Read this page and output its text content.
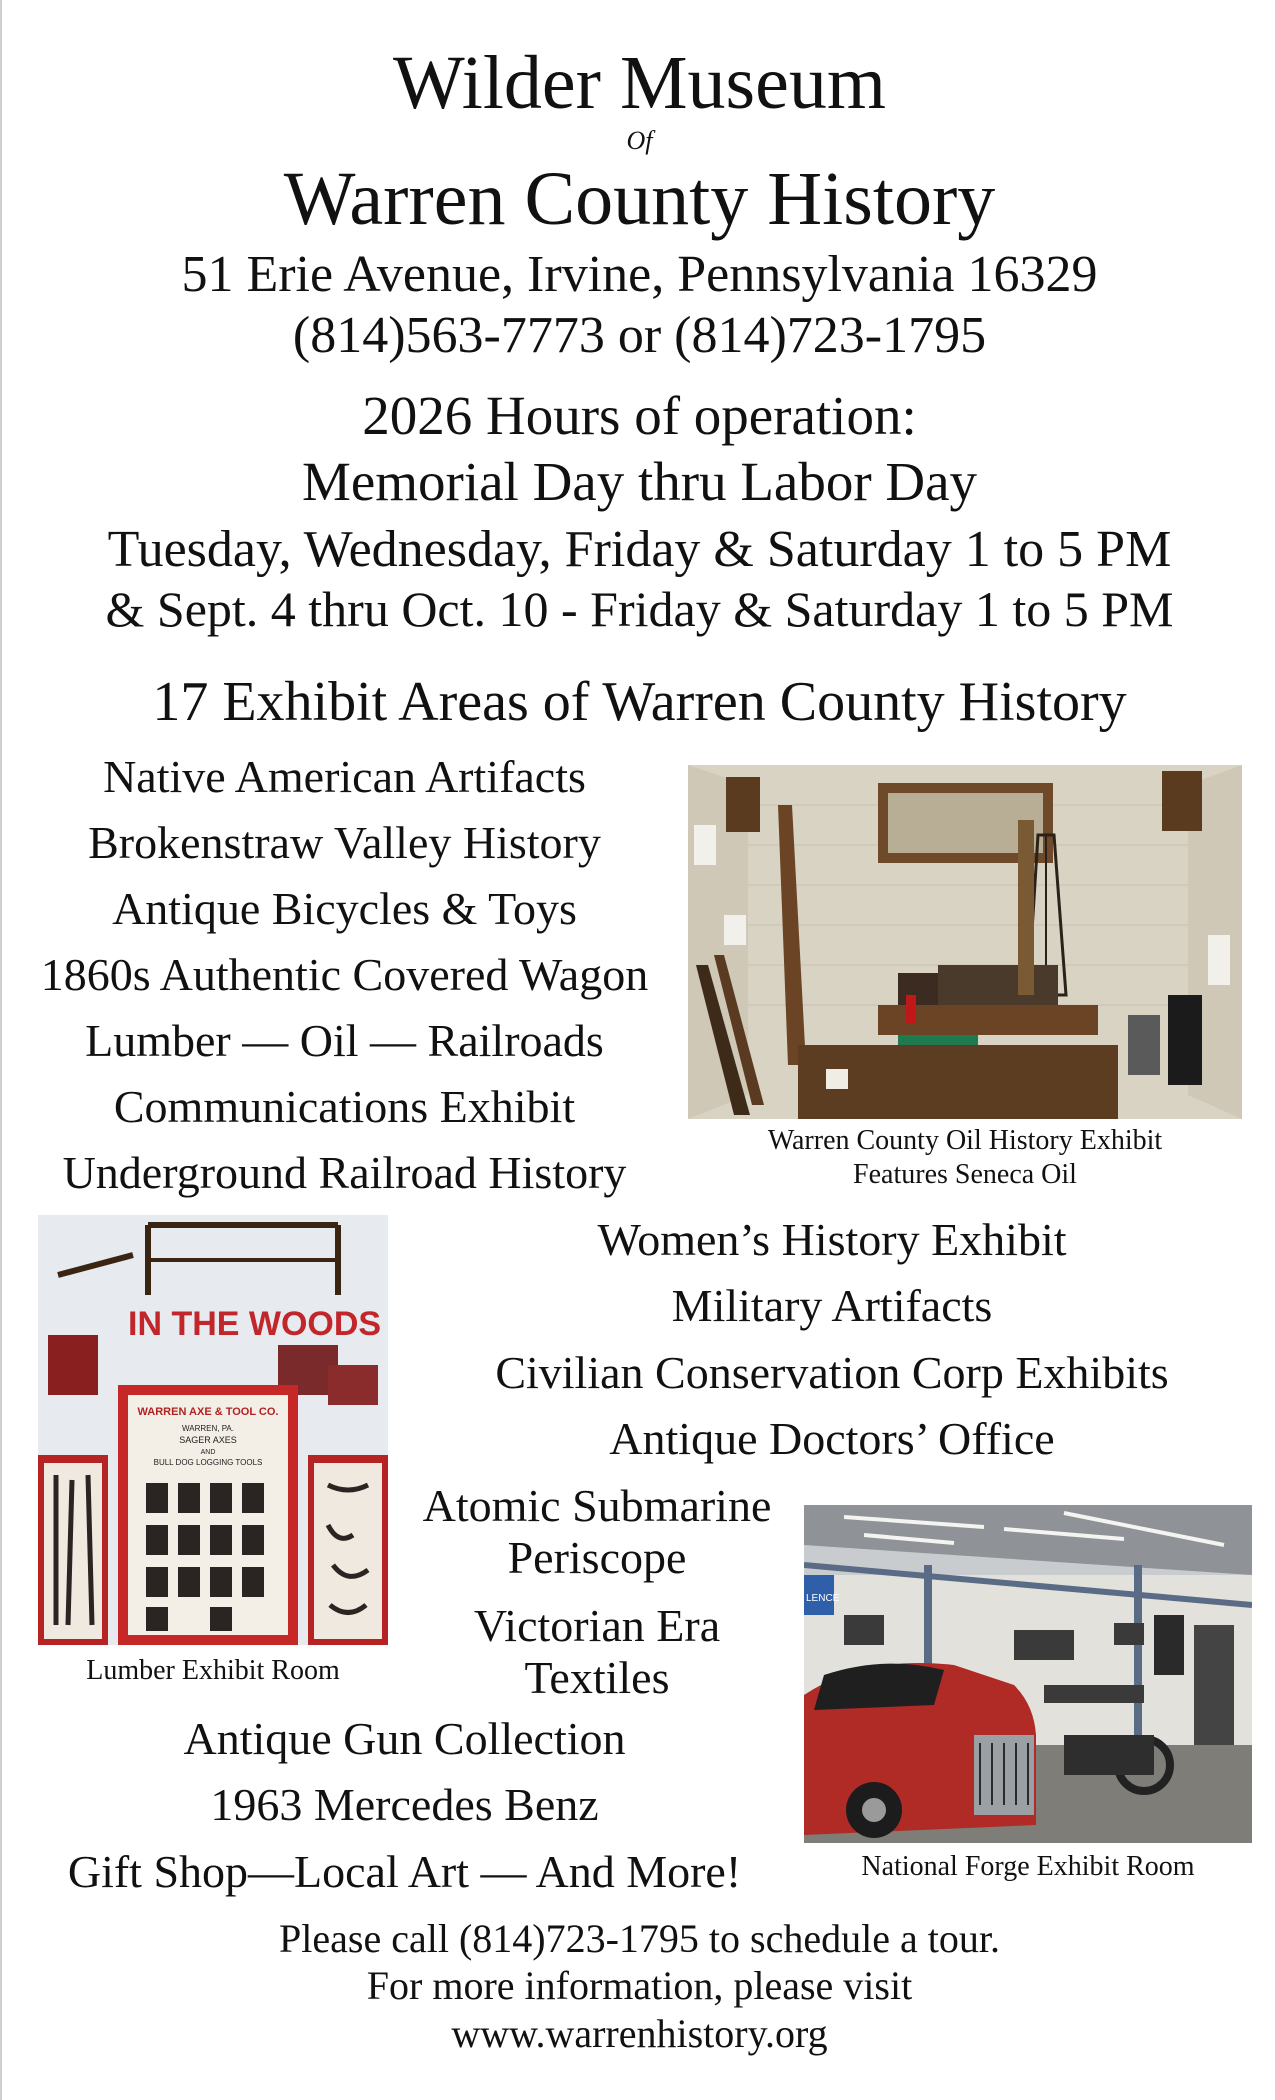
Wilder Museum
Of
Warren County History
51 Erie Avenue, Irvine, Pennsylvania 16329
(814)563-7773 or (814)723-1795
2026 Hours of operation:
Memorial Day thru Labor Day
Tuesday, Wednesday, Friday & Saturday 1 to 5 PM
& Sept. 4 thru Oct. 10 - Friday & Saturday 1 to 5 PM
17 Exhibit Areas of Warren County History
Native American Artifacts
Brokenstraw Valley History
Antique Bicycles & Toys
1860s Authentic Covered Wagon
Lumber — Oil — Railroads
Communications Exhibit
Underground Railroad History
Warren County Oil History Exhibit
Features Seneca Oil
IN THE WOODS
WARREN AXE & TOOL CO.
WARREN, PA.
SAGER AXES
AND
BULL DOG LOGGING TOOLS
Lumber Exhibit Room
Women’s History Exhibit
Military Artifacts
Civilian Conservation Corp Exhibits
Antique Doctors’ Office
Atomic Submarine Periscope
Victorian Era Textiles
LENCE
National Forge Exhibit Room
Antique Gun Collection
1963 Mercedes Benz
Gift Shop—Local Art — And More!
Please call (814)723-1795 to schedule a tour.
For more information, please visit
www.warrenhistory.org
